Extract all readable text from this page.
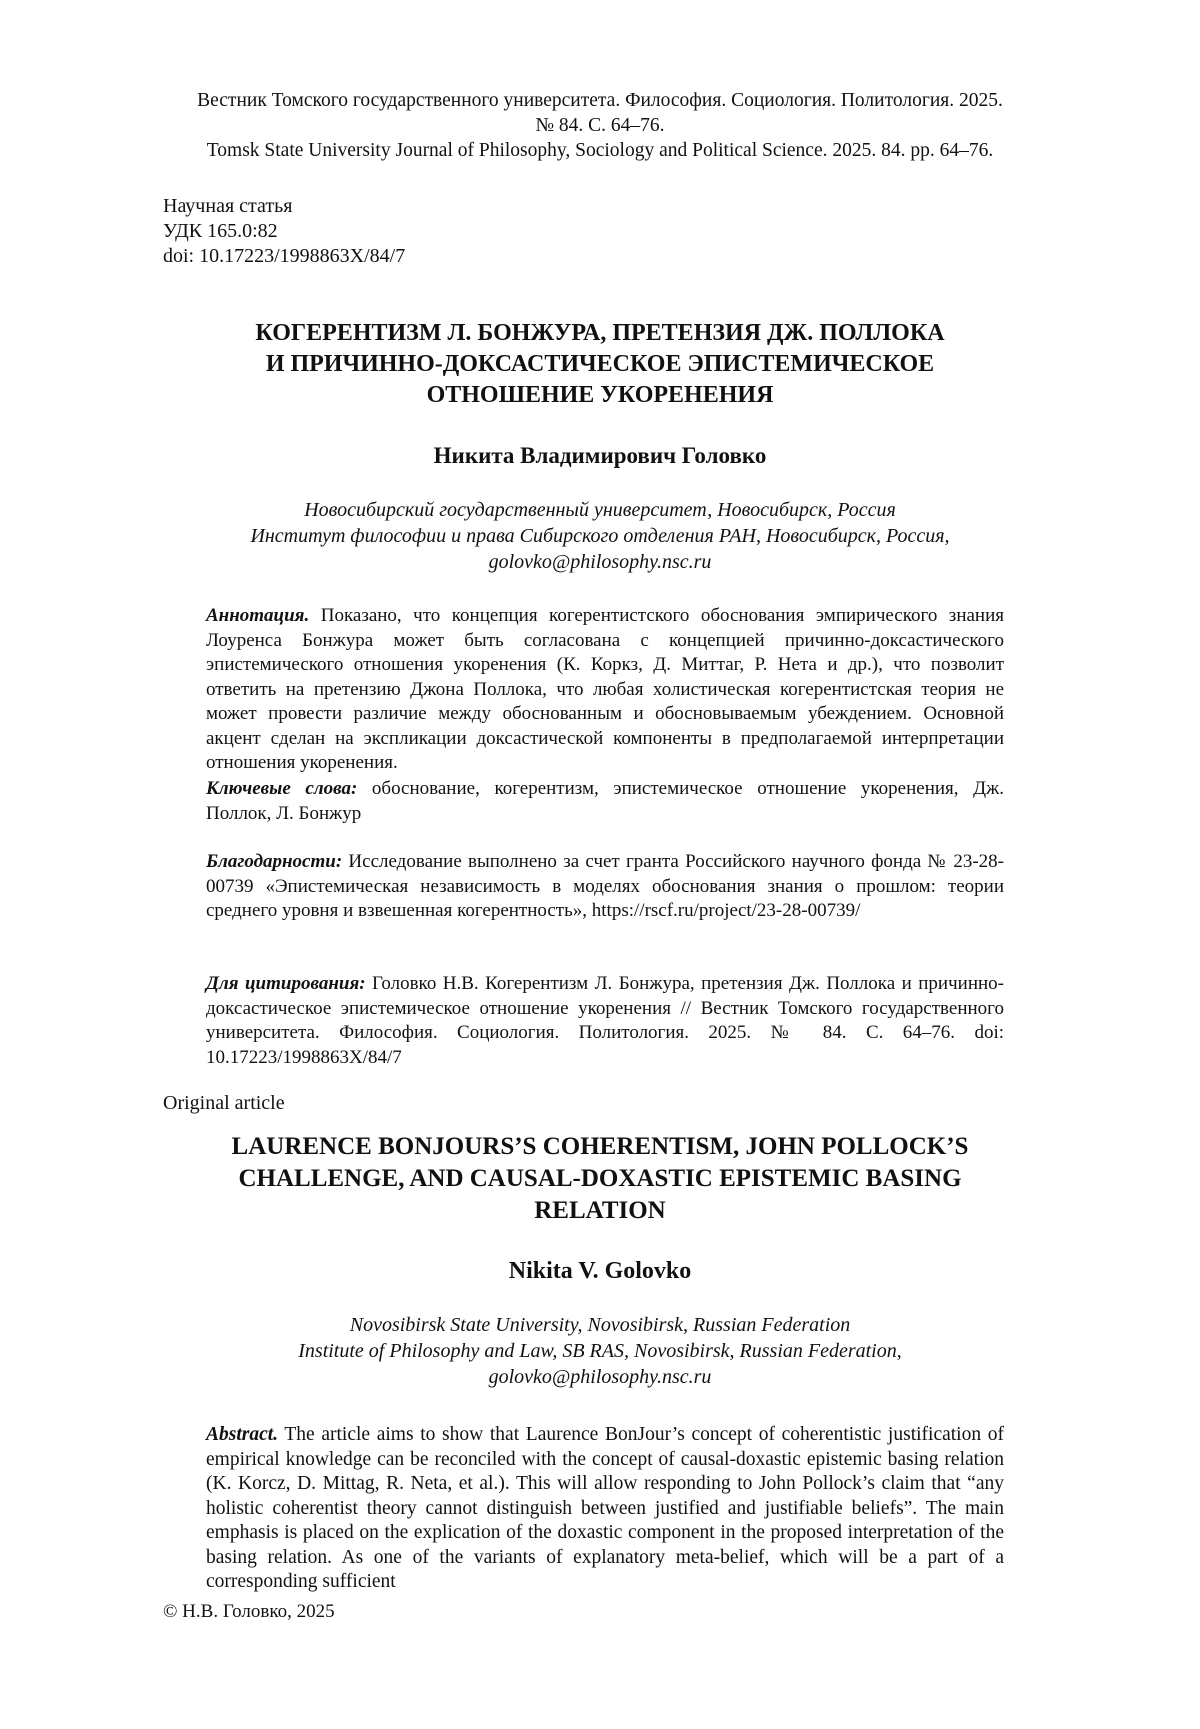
Вестник Томского государственного университета. Философия. Социология. Политология. 2025.
№ 84. С. 64–76.
Tomsk State University Journal of Philosophy, Sociology and Political Science. 2025. 84. pp. 64–76.
Научная статья
УДК 165.0:82
doi: 10.17223/1998863Х/84/7
КОГЕРЕНТИЗМ Л. БОНЖУРА, ПРЕТЕНЗИЯ ДЖ. ПОЛЛОКА
И ПРИЧИННО-ДОКСАСТИЧЕСКОЕ ЭПИСТЕМИЧЕСКОЕ
ОТНОШЕНИЕ УКОРЕНЕНИЯ
Никита Владимирович Головко
Новосибирский государственный университет, Новосибирск, Россия
Институт философии и права Сибирского отделения РАН, Новосибирск, Россия,
golovko@philosophy.nsc.ru
Аннотация. Показано, что концепция когерентистского обоснования эмпирического знания Лоуренса Бонжура может быть согласована с концепцией причинно-доксастического эпистемического отношения укоренения (К. Коркз, Д. Миттаг, Р. Нета и др.), что позволит ответить на претензию Джона Поллока, что любая холистическая когерентистская теория не может провести различие между обоснованным и обосновываемым убеждением. Основной акцент сделан на экспликации доксастической компоненты в предполагаемой интерпретации отношения укоренения.
Ключевые слова: обоснование, когерентизм, эпистемическое отношение укоренения, Дж. Поллок, Л. Бонжур
Благодарности: Исследование выполнено за счет гранта Российского научного фонда № 23-28-00739 «Эпистемическая независимость в моделях обоснования знания о прошлом: теории среднего уровня и взвешенная когерентность», https://rscf.ru/project/23-28-00739/
Для цитирования: Головко Н.В. Когерентизм Л. Бонжура, претензия Дж. Поллока и причинно-доксастическое эпистемическое отношение укоренения // Вестник Томского государственного университета. Философия. Социология. Политология. 2025. № 84. С. 64–76. doi: 10.17223/1998863Х/84/7
Original article
LAURENCE BONJOURS’S COHERENTISM, JOHN POLLOCK’S
CHALLENGE, AND CAUSAL-DOXASTIC EPISTEMIC BASING
RELATION
Nikita V. Golovko
Novosibirsk State University, Novosibirsk, Russian Federation
Institute of Philosophy and Law, SB RAS, Novosibirsk, Russian Federation,
golovko@philosophy.nsc.ru
Abstract. The article aims to show that Laurence BonJour’s concept of coherentistic justification of empirical knowledge can be reconciled with the concept of causal-doxastic epistemic basing relation (K. Korcz, D. Mittag, R. Neta, et al.). This will allow responding to John Pollock’s claim that “any holistic coherentist theory cannot distinguish between justified and justifiable beliefs”. The main emphasis is placed on the explication of the doxastic component in the proposed interpretation of the basing relation. As one of the variants of explanatory meta-belief, which will be a part of a corresponding sufficient
© Н.В. Головко, 2025
